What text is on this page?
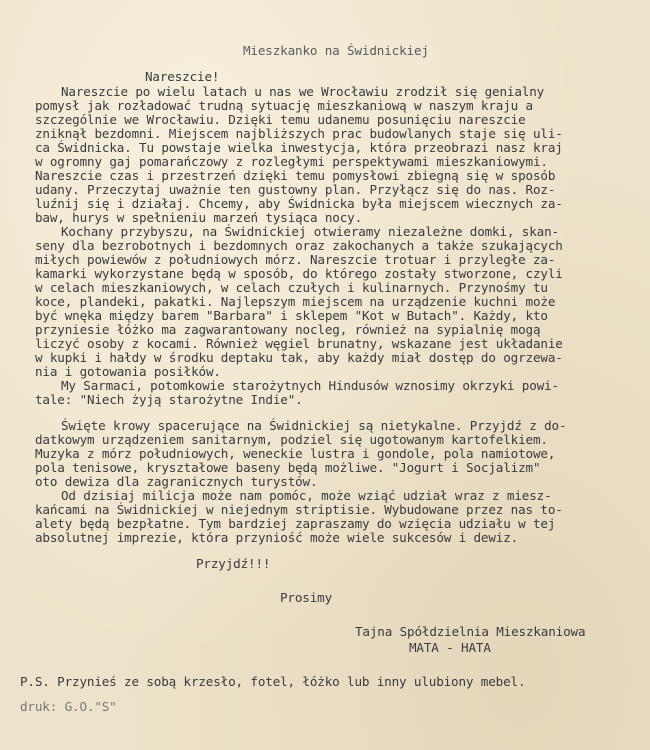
Mieszkanko na Świdnickiej
Nareszcie!
Nareszcie po wielu latach u nas we Wrocławiu zrodził się genialny
pomysł jak rozładować trudną sytuację mieszkaniową w naszym kraju a
szczególnie we Wrocławiu. Dzięki temu udanemu posunięciu nareszcie
zniknął bezdomni. Miejscem najbliższych prac budowlanych staje się uli-
ca Świdnicka. Tu powstaje wielka inwestycja, która przeobrazi nasz kraj
w ogromny gaj pomarańczowy z rozległymi perspektywami mieszkaniowymi.
Nareszcie czas i przestrzeń dzięki temu pomysłowi zbiegną się w sposób
udany. Przeczytaj uważnie ten gustowny plan. Przyłącz się do nas. Roz-
luźnij się i działaj. Chcemy, aby Świdnicka była miejscem wiecznych za-
baw, hurys w spełnieniu marzeń tysiąca nocy.
Kochany przybyszu, na Świdnickiej otwieramy niezależne domki, skan-
seny dla bezrobotnych i bezdomnych oraz zakochanych a także szukających
miłych powiewów z południowych mórz. Nareszcie trotuar i przyległe za-
kamarki wykorzystane będą w sposób, do którego zostały stworzone, czyli
w celach mieszkaniowych, w celach czułych i kulinarnych. Przynośmy tu
koce, plandeki, pakatki. Najlepszym miejscem na urządzenie kuchni może
być wnęka między barem "Barbara" i sklepem "Kot w Butach". Każdy, kto
przyniesie łóżko ma zagwarantowany nocleg, również na sypialnię mogą
liczyć osoby z kocami. Również węgiel brunatny, wskazane jest układanie
w kupki i hałdy w środku deptaku tak, aby każdy miał dostęp do ogrzewa-
nia i gotowania posiłków.
My Sarmaci, potomkowie starożytnych Hindusów wznosimy okrzyki powi-
tale: "Niech żyją starożytne Indie".
Święte krowy spacerujące na Świdnickiej są nietykalne. Przyjdź z do-
datkowym urządzeniem sanitarnym, podziel się ugotowanym kartofelkiem.
Muzyka z mórz południowych, weneckie lustra i gondole, pola namiotowe,
pola tenisowe, kryształowe baseny będą możliwe. "Jogurt i Socjalizm"
oto dewiza dla zagranicznych turystów.
Od dzisiaj milicja może nam pomóc, może wziąć udział wraz z miesz-
kańcami na Świdnickiej w niejednym striptisie. Wybudowane przez nas to-
alety będą bezpłatne. Tym bardziej zapraszamy do wzięcia udziału w tej
absolutnej imprezie, która przyniość może wiele sukcesów i dewiz.
Przyjdź!!!
Prosimy
Tajna Spółdzielnia Mieszkaniowa
MATA - HATA
P.S. Przynieś ze sobą krzesło, fotel, łóżko lub inny ulubiony mebel.
druk: G.O."S"
